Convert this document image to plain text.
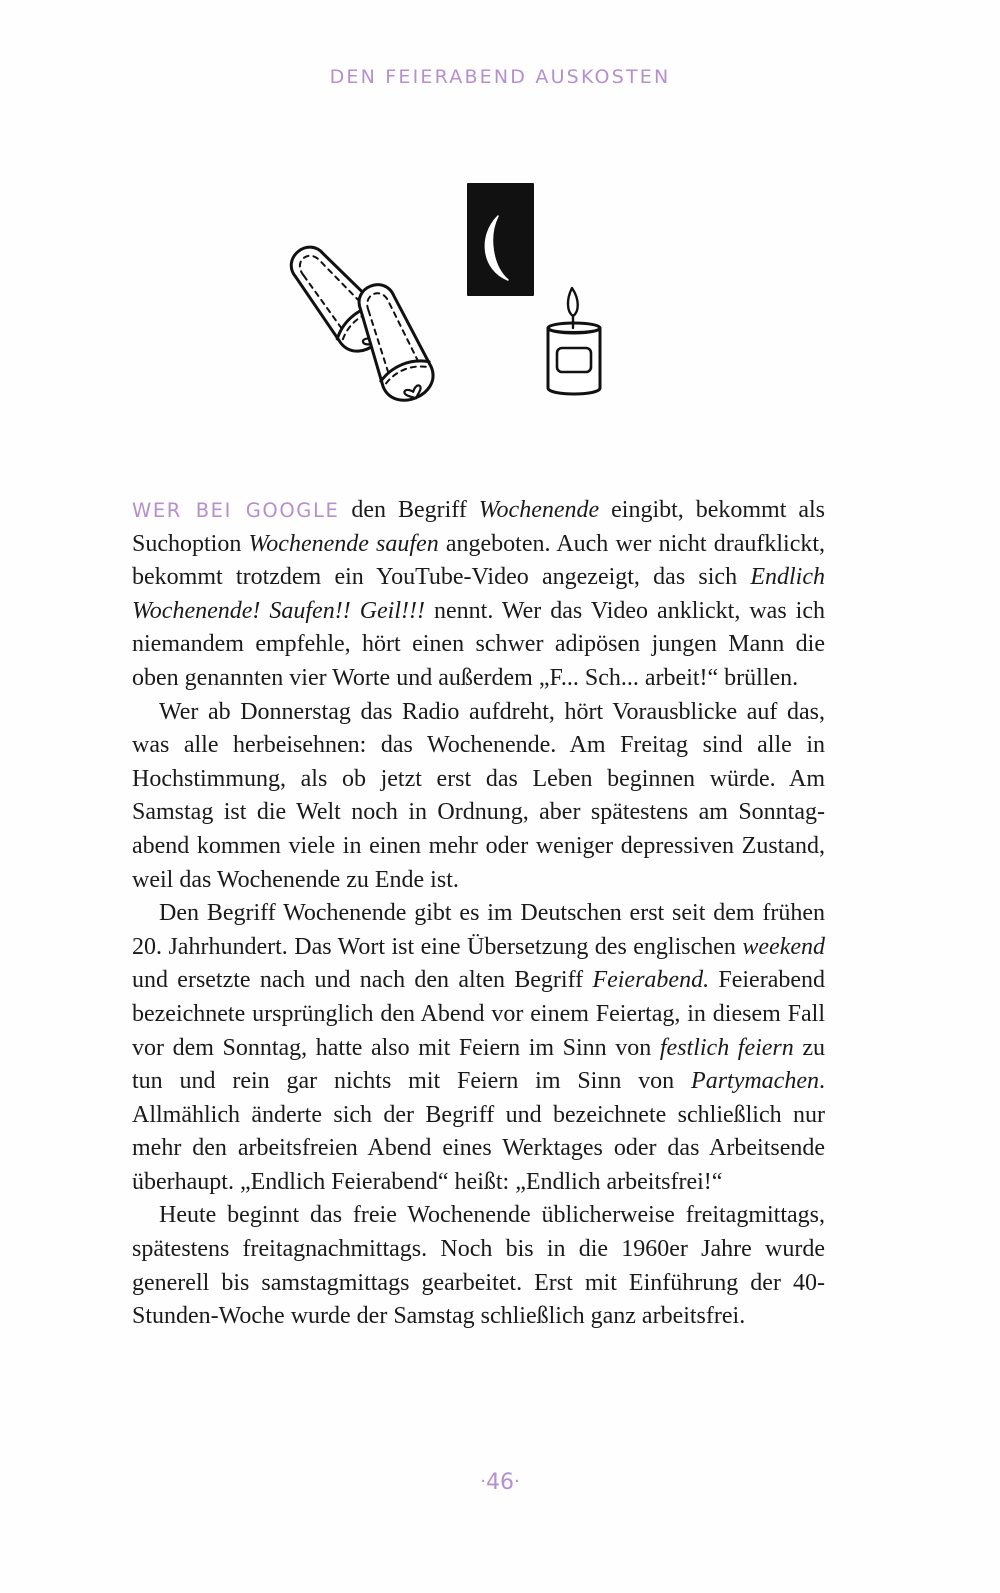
DEN FEIERABEND AUSKOSTEN

WER BEI GOOGLE den Begriff Wochenende eingibt, bekommt als Suchoption Wochenende saufen angeboten. Auch wer nicht draufklickt, bekommt trotzdem ein YouTube-Video angezeigt, das sich Endlich Wochenende! Saufen!! Geil!!! nennt. Wer das Video anklickt, was ich niemandem empfehle, hört einen schwer adipösen jungen Mann die oben genannten vier Worte und außerdem „F... Sch... arbeit!“ brüllen.

Wer ab Donnerstag das Radio aufdreht, hört Vorausblicke auf das, was alle herbeisehnen: das Wochenende. Am Freitag sind alle in Hochstimmung, als ob jetzt erst das Leben beginnen würde. Am Samstag ist die Welt noch in Ordnung, aber spätestens am Sonntagabend kommen viele in einen mehr oder weniger depressiven Zustand, weil das Wochenende zu Ende ist.

Den Begriff Wochenende gibt es im Deutschen erst seit dem frühen 20. Jahrhundert. Das Wort ist eine Übersetzung des englischen weekend und ersetzte nach und nach den alten Begriff Feierabend. Feierabend bezeichnete ursprünglich den Abend vor einem Feiertag, in diesem Fall vor dem Sonntag, hatte also mit Feiern im Sinn von festlich feiern zu tun und rein gar nichts mit Feiern im Sinn von Partymachen. Allmählich änderte sich der Begriff und bezeichnete schließlich nur mehr den arbeitsfreien Abend eines Werktages oder das Arbeitsende überhaupt. „Endlich Feierabend“ heißt: „Endlich arbeitsfrei!“

Heute beginnt das freie Wochenende üblicherweise freitagmittags, spätestens freitagnachmittags. Noch bis in die 1960er Jahre wurde generell bis samstagmittags gearbeitet. Erst mit Einführung der 40-Stunden-Woche wurde der Samstag schließlich ganz arbeitsfrei.

·46·
